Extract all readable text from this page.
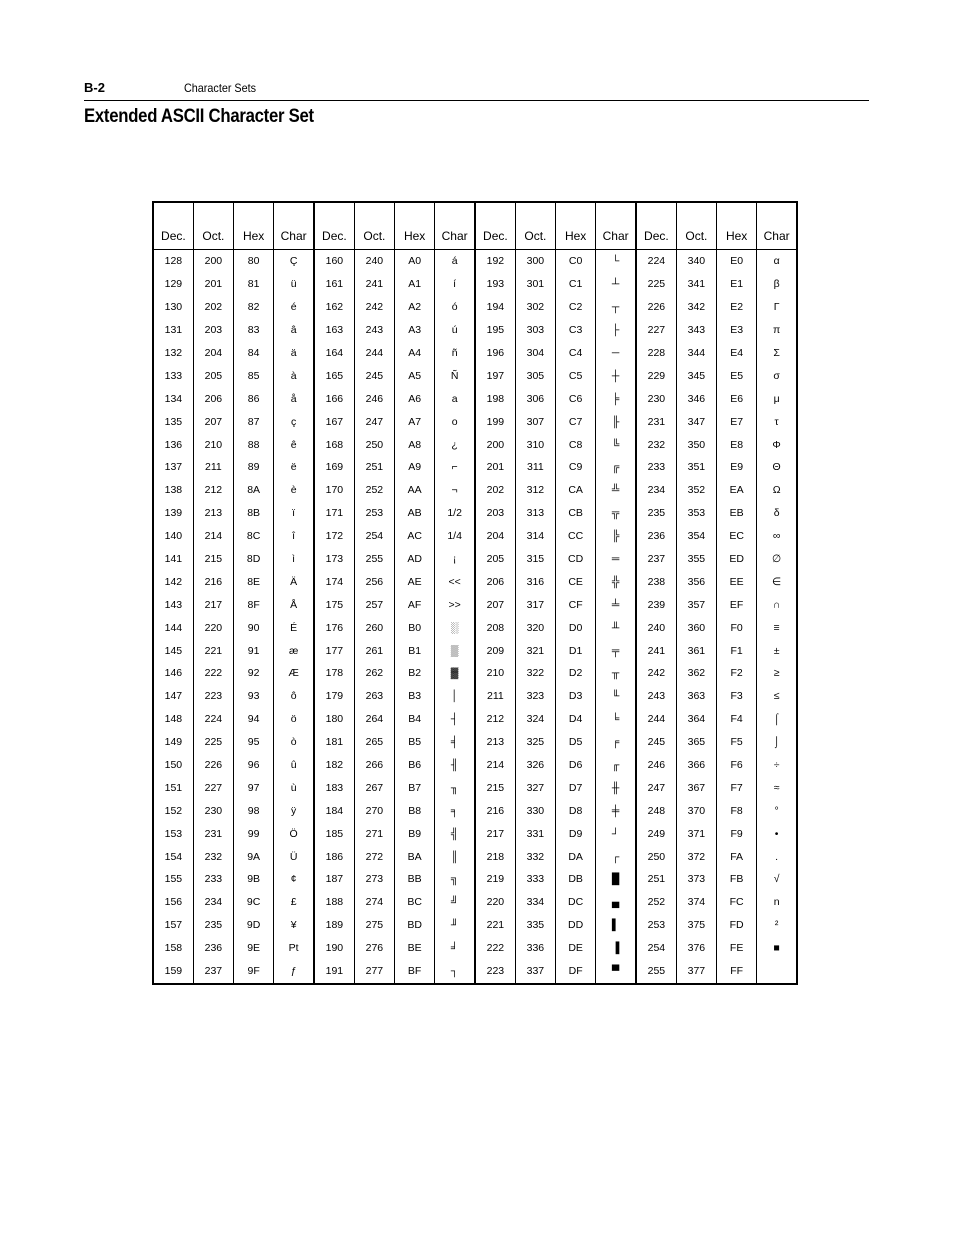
B-2	Character Sets
Extended ASCII Character Set
Dec.	Oct.	Hex	Char	Dec.	Oct.	Hex	Char	Dec.	Oct.	Hex	Char	Dec.	Oct.	Hex	Char
128	200	80	Ç	160	240	A0	á	192	300	C0	└	224	340	E0	α
129	201	81	ü	161	241	A1	í	193	301	C1	┴	225	341	E1	β
130	202	82	é	162	242	A2	ó	194	302	C2	┬	226	342	E2	Γ
131	203	83	â	163	243	A3	ú	195	303	C3	├	227	343	E3	π
132	204	84	ä	164	244	A4	ñ	196	304	C4	─	228	344	E4	Σ
133	205	85	à	165	245	A5	Ñ	197	305	C5	┼	229	345	E5	σ
134	206	86	å	166	246	A6	a	198	306	C6	╞	230	346	E6	μ
135	207	87	ç	167	247	A7	o	199	307	C7	╟	231	347	E7	τ
136	210	88	ê	168	250	A8	¿	200	310	C8	╚	232	350	E8	Φ
137	211	89	ë	169	251	A9	⌐	201	311	C9	╔	233	351	E9	Θ
138	212	8A	è	170	252	AA	¬	202	312	CA	╩	234	352	EA	Ω
139	213	8B	ï	171	253	AB	1/2	203	313	CB	╦	235	353	EB	δ
140	214	8C	î	172	254	AC	1/4	204	314	CC	╠	236	354	EC	∞
141	215	8D	ì	173	255	AD	¡	205	315	CD	═	237	355	ED	∅
142	216	8E	Ä	174	256	AE	<<	206	316	CE	╬	238	356	EE	∈
143	217	8F	Å	175	257	AF	>>	207	317	CF	╧	239	357	EF	∩
144	220	90	É	176	260	B0	░	208	320	D0	╨	240	360	F0	≡
145	221	91	æ	177	261	B1	▒	209	321	D1	╤	241	361	F1	±
146	222	92	Æ	178	262	B2	▓	210	322	D2	╥	242	362	F2	≥
147	223	93	ô	179	263	B3	│	211	323	D3	╙	243	363	F3	≤
148	224	94	ö	180	264	B4	┤	212	324	D4	╘	244	364	F4	⌠
149	225	95	ò	181	265	B5	╡	213	325	D5	╒	245	365	F5	⌡
150	226	96	û	182	266	B6	╢	214	326	D6	╓	246	366	F6	÷
151	227	97	ù	183	267	B7	╖	215	327	D7	╫	247	367	F7	≈
152	230	98	ÿ	184	270	B8	╕	216	330	D8	╪	248	370	F8	°
153	231	99	Ö	185	271	B9	╣	217	331	D9	┘	249	371	F9	•
154	232	9A	Ü	186	272	BA	║	218	332	DA	┌	250	372	FA	.
155	233	9B	¢	187	273	BB	╗	219	333	DB	█	251	373	FB	√
156	234	9C	£	188	274	BC	╝	220	334	DC	▄	252	374	FC	n
157	235	9D	¥	189	275	BD	╜	221	335	DD	▌	253	375	FD	²
158	236	9E	Pt	190	276	BE	╛	222	336	DE	▐	254	376	FE	■
159	237	9F	ƒ	191	277	BF	┐	223	337	DF	▀	255	377	FF	
